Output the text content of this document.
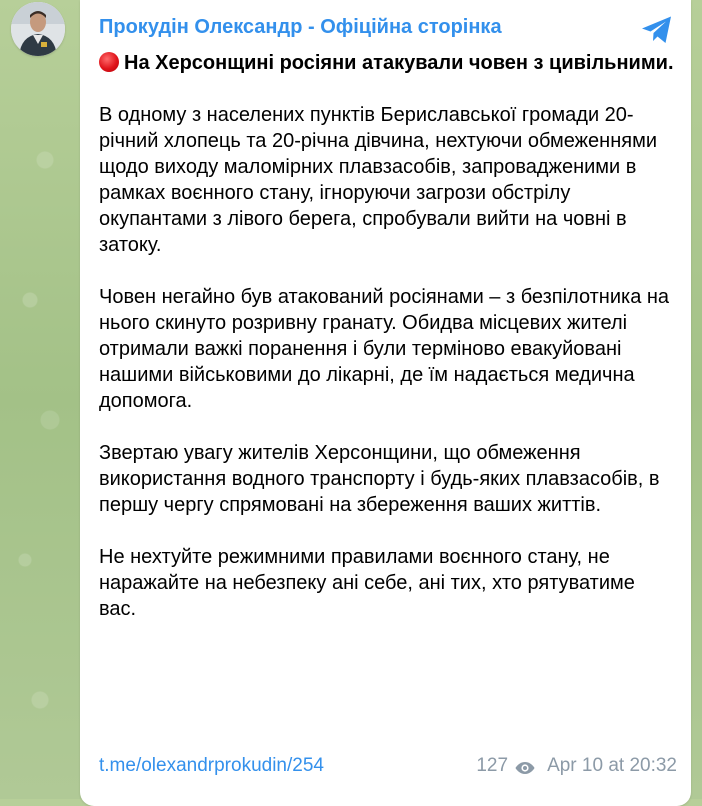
Прокудін Олександр - Офіційна сторінка

На Херсонщині росіяни атакували човен з цивільними.

В одному з населених пунктів Бериславської громади 20-річний хлопець та 20-річна дівчина, нехтуючи обмеженнями щодо виходу маломірних плавзасобів, запровадженими в рамках воєнного стану, ігноруючи загрози обстрілу окупантами з лівого берега, спробували вийти на човні в затоку.

Човен негайно був атакований росіянами – з безпілотника на нього скинуто розривну гранату. Обидва місцевих жителі отримали важкі поранення і були терміново евакуйовані нашими військовими до лікарні, де їм надається медична допомога.

Звертаю увагу жителів Херсонщини, що обмеження використання водного транспорту і будь-яких плавзасобів, в першу чергу спрямовані на збереження ваших життів.

Не нехтуйте режимними правилами воєнного стану, не наражайте на небезпеку ані себе, ані тих, хто рятуватиме вас.

t.me/olexandrprokudin/254	127 Apr 10 at 20:32
